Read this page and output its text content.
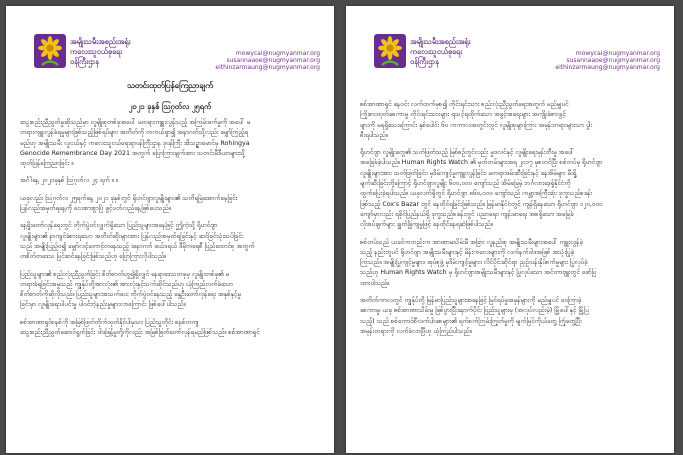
အမျိုးသမီးအစည်းအရုံး
ကလေးသူငယ်စုရေး
ဝန်ကြီးဌာန
mowycai@nugmyanmar.org
susannaaoe@nugmyanmar.org
eithinzarmaung@nugmyanmar.org
သတင်းထုတ်ပြန်ကြေညာချက်
၂၀၂၁ ခုနှစ် ဩဂုတ်လ ၂၅ရက်
သွေးစည်းညီညွတ်မှုဆိုသည်မှာ လူမျိုးစုတစ်ခုအပေါ် မတရားကျူးလွန်သည့် အကြမ်းဖက်မှုကို အပေါ် မ
တရားကျူးလွန်ခံရမှုများဖြစ်သည့်ဖြစ်ရပ်များ အတိတ်ကို တကယ်ရှာ၍ အနာဂတ်သို့လည်း မျှော်ကြည့်ရ
မည်ဟု အမျိုးသမီး လူငယ်နှင့် ကလေးသူငယ်ရေးရာဝန်ကြီးဌာန ဒုဝန်ကြီး အိသဉ္ဇာမောင်မှ Rohingya
Genocide Remembrance Day 2021 အတွက် ပြောကြားချက်အား သတင်းမီဒီယာများသို့
ထုတ်ပြန်ကြေညာခြင်း ။
အင်္ဂါနေ့ ၂၀၂၁ခုနှစ် ဩဂုတ်လ ၂၄ ရက် ။ ။
ယခုလည်း ဩဂုတ်လ ၂၅ရက်နေ့ ၂၀၂၁ ခုနှစ်တွင် ရိုဟင်ဂျာလူမျိုးများ၏ သတိရမြဲအောက်မေ့ခြင်း
ပြန်လည်အမှတ်ရနေ့ကို လေးစားစွာပြဲ ဖွင့်ပတ်လည်နေ့ဖြစ်ပေသည်။
နေ့ရှိုးတော်လှန်ရေးတွင် တိုက်ပွဲဝင်လျှက်ရှိသော ပြည်သူများအနေဖြင့် ဤကဲ့သို့ ရိုဟင်ဂျာ
လူမျိုးများ၏ နာကျင်ခံစားရသော အတိတ်ဆိုးများအား ပြန်လည်အမှတ်ရခြင်းနှင့် ဆင်ခြင်သုံးသပ်ခြင်း
သည် အမျိုးပြည့်ဝ၍ မျှော်လင့်တောင့်တနေသည့် အနာဂတ် ဖယ်ဒရယ် ဒီမိုကရေစီ ပြည်ထောင်စု အတွက်
တစိတ်တဒေသ ပြင်ဆင်နေခြင်းဖြစ်သည်ဟု ပြောကြားလိုပါသည်။
ပြည်သူများ၏ စည်းလုံးညီညွတ်ခြင်း စိတ်ဓာတ်ဟူ၍ရှိလျှင် နေရာဒေသတခုမှ လူမျိုးတစ်ခု၏ မ
တရားခံရခြင်းအမှုသည် ကျွန်ုပ်တို့အားလုံး၏ အားလုံးနှင့်သက်ဆိုင်သည်ဟု ယုံကြည်လက်ခံသော
စိတ်ဓာတ်ကိုဆိုလိုသည်။ ပြည်သူများအသက်ပေး တိုက်ပွဲဝင်နေသည့် နွေဦးတော်လှန်ရေး အနှစ်နှင့်မှု
ခြင်းမှာ လူမျိုးရေးပါပင်းမှု ပါဝင်ဘဲ့နည်းမှုများလာကြောင်း ဖြစ်ပေါ်ပါသည်။
စစ်အာဏာရှင်စနစ်ကို အမြစ်ဖြတ်တိုက်ထုတ်နိုင်ပါမှသာ ပြည်သူတိုင်း စနစ်တကျ
သွေးစည်းညီညွတ်ဆောင်ရွက်ခြင်း ဝါဒဖြန့်မှုတို့ကိုလည်း အမြစ်ဖြတ်တော်လှန်ရမည်ဖြစ်သည်။ စစ်အာဏာရှင်
အမျိုးသမီးအစည်းအရုံး
ကလေးသူငယ်စုရေး
ဝန်ကြီးဌာန
mowycai@nugmyanmar.org
susannaaoe@nugmyanmar.org
eithinzarmaung@nugmyanmar.org
စစ်အာဏာရှင် နေဝင်း လက်ထက်မှစ၍ တိုင်းရင်းသား စည်းလုံးညီညွတ်ရေးအတွက် မည်မျှပင်
ကြိုးစားထုတ်စေကာမူ တိုင်းရင်းသားများ ရသင့်ရထိုက်သော အခွင့်အရေးများ အကျိုးခံစားခွင့်
များကို မရရှိသေးကြောင်း နှစ်ပေါင်း ၆၀ ကကာလအတွင်းတွင် လူမျိုးစုများကြား အမုန်းတရားများသာ ပွါး
စီးရပါသည်။
ရိုဟင်ဂျာ လူမျိုးတွေ၏ သတ်ဖြတ်သည့် မြစ်စဉ်တွင်လည်း မှုဒလင်နှင့် လူမျိုးရေးမုန်းတီးမှု အပေါ်
အခြေခံခဲ့ပါသည်။ Human Rights Watch ၏ မှတ်တမ်းများအရ ၂၀၁၇ မှစတင်ပြီး စစ်တပ်မှ ရိုဟင်ဂျာ
လူမျိုးများအား သတ်ဖြတ်ခြင်း၊ မုဒိမ်းကျင့်မှုကျူးလွန်ခြင်း၊ မတရားဖမ်းဆီးခြင်းနှင့် နေအိမ်များ မီးရှို့
မျက်ဆီးခြင်းတို့ကြောင့် ရိုဟင်ဂျာလူမျိုး ၆၀၀,၀၀၀ ကျော်သည် အိမ်ခြေမဲ့ ဘင်္ဂလားဒေ့ရှ်နိုင်ငံကို
ထွက်ပြေးခဲ့ရပါသည်။ ယခုလက်ရှိတွင် ရိုဟင်ဂျာ ၈၆၀,၀၀၀ ကျော်သည် ကမ္ဘာ့အကြီးဆုံး ဒုက္ခသည်စခန်း
ဖြစ်သည့် Cox's Bazar တွင် နေထိုင်ရခြင်းဖြစ်သည်။ မြန်မာနိုင်ငံတွင် ကျန်ရှိနေသော ရိုဟင်ဂျာ ၁၂၀,၀၀၀
ကျော်မှာလည်း ရခိုင်ပြည်နယ်ရှိ ဒုက္ခသည်စခန်းတွင် ပညာရေး၊ ကျန်းမာရေး အစရှိသော အခြေခံ
လိုအပ်ချက်များ ချွတ်ခြုံကျမှုဖြင့် နေထိုင်နေရဆဲဖြစ်ပါသည်။
စစ်တပ်သည် ယခင်ကတည်းက အာဏာမသိမ်းမီ အခြား လူနည်းစု အမျိုးသမီးများအပေါ် ကျူးလွန်ခဲ့
သည့် နည်းတူပင် ရိုဟင်ဂျာ အမျိုးသမီးများနှင့် မိန်းကလေးများကို လက်နက်ဝါဒအဖြစ် အသုံးပြုခဲ့
ကြသည်။ အမျိုးပြုကျင့်မှုများ၊ အုပ်စုဖွဲ့ မုဒိမ်းကျင့်မှုများ၊ လိင်ပိုင်းဆိုင်ရာ ညှဉ်းပန်းနှိပ်စက်မှုများ ပြုလုပ်ခဲ့
သည်ဟု Human Rights Watch မှ ရိုဟင်ဂျာအမျိုးသမီးများနှင့် ပြုလုပ်သော အင်တာဗျူးတွင် ဖော်ပြ
ထားပါသည်။
အတိတ်ကာလတွင် ကျွန်ုပ်တို့ မြန်မာပြည်သူများအနေဖြင့် မြင်ရပ်မှုအမှန်များကို မည်မျှပင် ဝေကြာခဲ့
စေကာမူ၊ ယခု စစ်အာဏာသိမ်းမှု ဖြစ်ပွားပြီးနောက်ပိုင်း ပြည်သူများမှ (အလုပ်လည်းမဲ့) မြို့ပေါ်နှင့် မြို့ပြ
သည့်) သည် စစ်ကောင်စီလက်ပါးစေများ၏ ရက်စက်ကြမ်းကြုတ်မှုကို မျက်မြင်ကိုယ်တွေ့ ကြုံတွေ့ပြီး
အမုန်းတရားကို လက်ခံလာပြီဟု ယုံကြည်ပါသည်။
